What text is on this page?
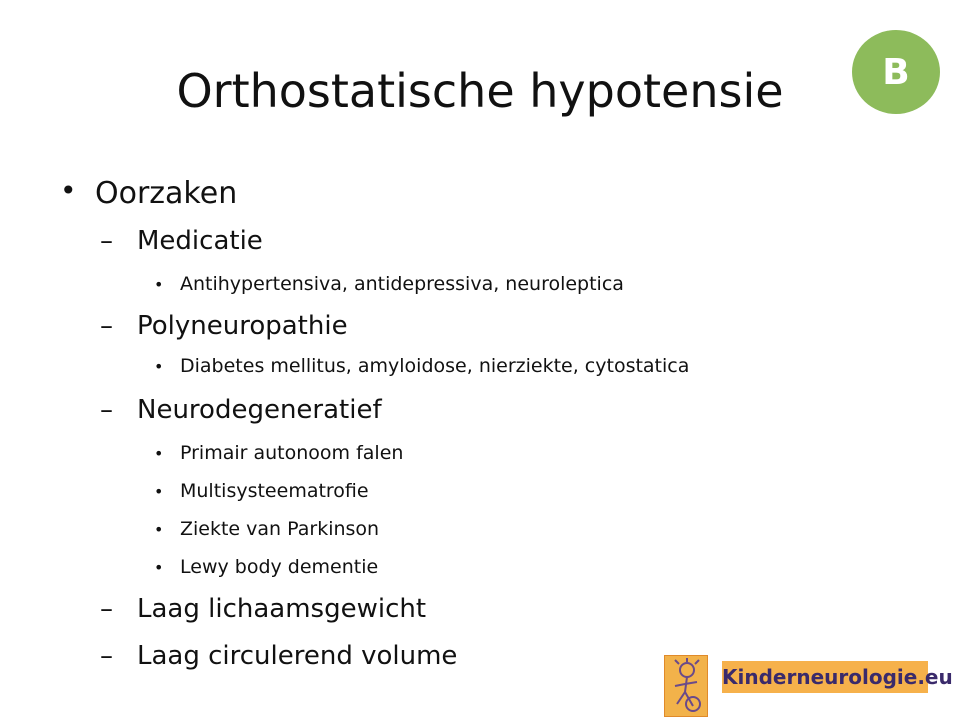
Orthostatische hypotensie	B
• Oorzaken
– Medicatie
• Antihypertensiva, antidepressiva, neuroleptica
– Polyneuropathie
• Diabetes mellitus, amyloidose, nierziekte, cytostatica
– Neurodegeneratief
• Primair autonoom falen
• Multisysteematrofie
• Ziekte van Parkinson
• Lewy body dementie
– Laag lichaamsgewicht
– Laag circulerend volume
Kinderneurologie.eu
